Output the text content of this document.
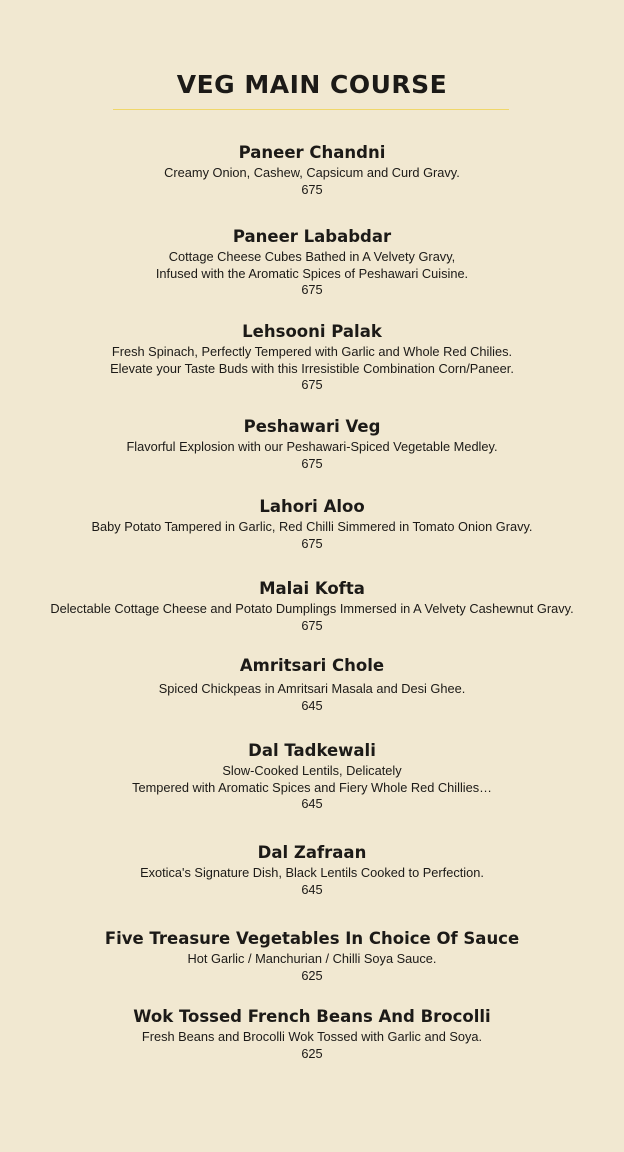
VEG MAIN COURSE
Paneer Chandni
Creamy Onion, Cashew, Capsicum and Curd Gravy.
675
Paneer Lababdar
Cottage Cheese Cubes Bathed in A Velvety Gravy,
Infused with the Aromatic Spices of Peshawari Cuisine.
675
Lehsooni Palak
Fresh Spinach, Perfectly Tempered with Garlic and Whole Red Chilies.
Elevate your Taste Buds with this Irresistible Combination Corn/Paneer.
675
Peshawari Veg
Flavorful Explosion with our Peshawari-Spiced Vegetable Medley.
675
Lahori Aloo
Baby Potato Tampered in Garlic, Red Chilli Simmered in Tomato Onion Gravy.
675
Malai Kofta
Delectable Cottage Cheese and Potato Dumplings Immersed in A Velvety Cashewnut Gravy.
675
Amritsari Chole
Spiced Chickpeas in Amritsari Masala and Desi Ghee.
645
Dal Tadkewali
Slow-Cooked Lentils, Delicately
Tempered with Aromatic Spices and Fiery Whole Red Chillies…
645
Dal Zafraan
Exotica's Signature Dish, Black Lentils Cooked to Perfection.
645
Five Treasure Vegetables In Choice Of Sauce
Hot Garlic / Manchurian / Chilli Soya Sauce.
625
Wok Tossed French Beans And Brocolli
Fresh Beans and Brocolli Wok Tossed with Garlic and Soya.
625
